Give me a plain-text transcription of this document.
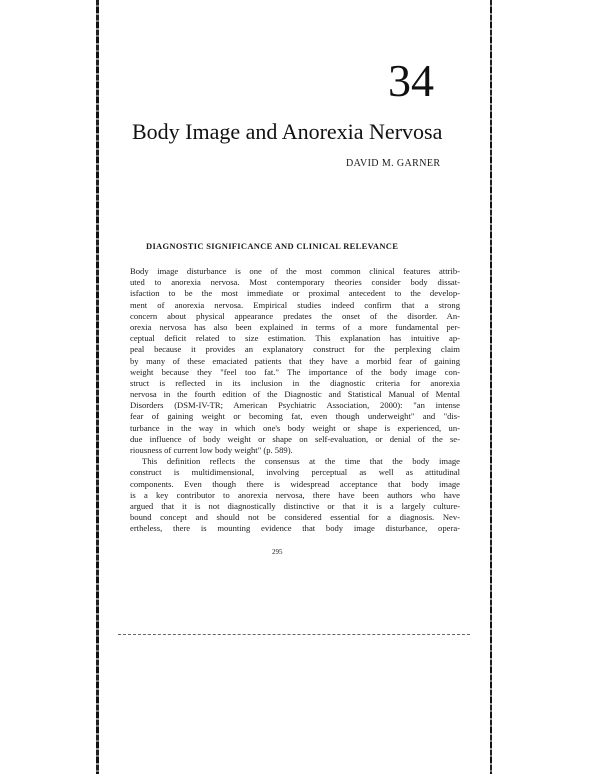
34
Body Image and Anorexia Nervosa
DAVID M. GARNER
DIAGNOSTIC SIGNIFICANCE AND CLINICAL RELEVANCE
Body image disturbance is one of the most common clinical features attrib-
uted to anorexia nervosa. Most contemporary theories consider body dissat-
isfaction to be the most immediate or proximal antecedent to the develop-
ment of anorexia nervosa. Empirical studies indeed confirm that a strong
concern about physical appearance predates the onset of the disorder. An-
orexia nervosa has also been explained in terms of a more fundamental per-
ceptual deficit related to size estimation. This explanation has intuitive ap-
peal because it provides an explanatory construct for the perplexing claim
by many of these emaciated patients that they have a morbid fear of gaining
weight because they "feel too fat." The importance of the body image con-
struct is reflected in its inclusion in the diagnostic criteria for anorexia
nervosa in the fourth edition of the Diagnostic and Statistical Manual of Mental
Disorders (DSM-IV-TR; American Psychiatric Association, 2000): "an intense
fear of gaining weight or becoming fat, even though underweight" and "dis-
turbance in the way in which one's body weight or shape is experienced, un-
due influence of body weight or shape on self-evaluation, or denial of the se-
riousness of current low body weight" (p. 589).
This definition reflects the consensus at the time that the body image
construct is multidimensional, involving perceptual as well as attitudinal
components. Even though there is widespread acceptance that body image
is a key contributor to anorexia nervosa, there have been authors who have
argued that it is not diagnostically distinctive or that it is a largely culture-
bound concept and should not be considered essential for a diagnosis. Nev-
ertheless, there is mounting evidence that body image disturbance, opera-
295
